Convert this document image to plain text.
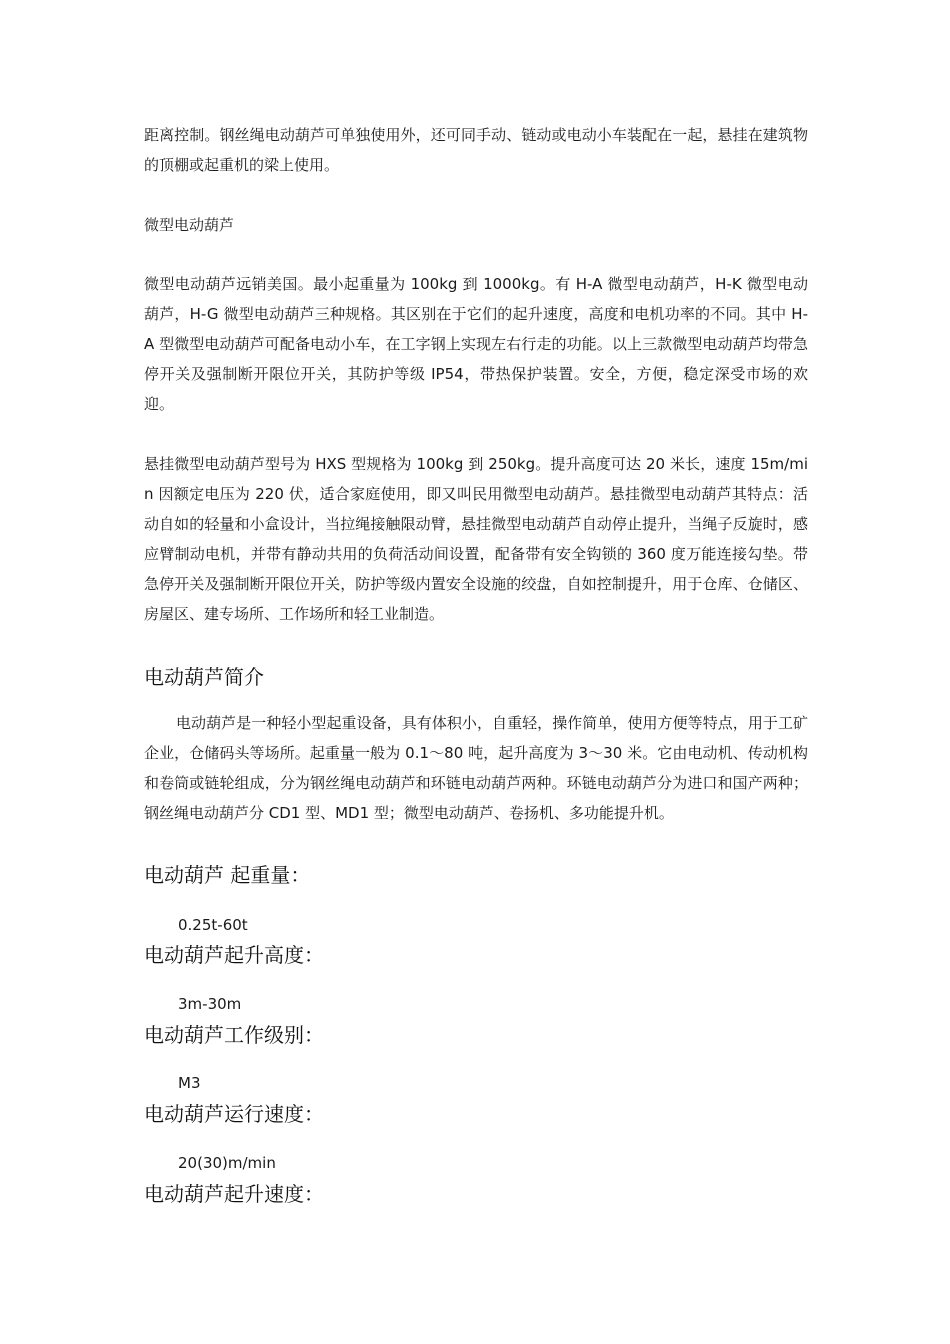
距离控制。钢丝绳电动葫芦可单独使用外，还可同手动、链动或电动小车装配在一起，悬挂在建筑物的顶棚或起重机的梁上使用。

微型电动葫芦

微型电动葫芦远销美国。最小起重量为 100kg 到 1000kg。有 H-A 微型电动葫芦，H-K 微型电动葫芦，H-G 微型电动葫芦三种规格。其区别在于它们的起升速度，高度和电机功率的不同。其中 H-A 型微型电动葫芦可配备电动小车，在工字钢上实现左右行走的功能。以上三款微型电动葫芦均带急停开关及强制断开限位开关，其防护等级 IP54，带热保护装置。安全，方便，稳定深受市场的欢迎。

悬挂微型电动葫芦型号为 HXS 型规格为 100kg 到 250kg。提升高度可达 20 米长，速度 15m/min 因额定电压为 220 伏，适合家庭使用，即又叫民用微型电动葫芦。悬挂微型电动葫芦其特点：活动自如的轻量和小盒设计，当拉绳接触限动臂，悬挂微型电动葫芦自动停止提升，当绳子反旋时，感应臂制动电机，并带有静动共用的负荷活动间设置，配备带有安全钩锁的 360 度万能连接勾垫。带急停开关及强制断开限位开关，防护等级内置安全设施的绞盘，自如控制提升，用于仓库、仓储区、房屋区、建专场所、工作场所和轻工业制造。

电动葫芦简介

电动葫芦是一种轻小型起重设备，具有体积小，自重轻，操作简单，使用方便等特点，用于工矿企业，仓储码头等场所。起重量一般为 0.1～80 吨，起升高度为 3～30 米。它由电动机、传动机构和卷筒或链轮组成，分为钢丝绳电动葫芦和环链电动葫芦两种。环链电动葫芦分为进口和国产两种；钢丝绳电动葫芦分 CD1 型、MD1 型；微型电动葫芦、卷扬机、多功能提升机。

电动葫芦 起重量：

0.25t-60t

电动葫芦起升高度：

3m-30m

电动葫芦工作级别：

M3

电动葫芦运行速度：

20(30)m/min

电动葫芦起升速度：
